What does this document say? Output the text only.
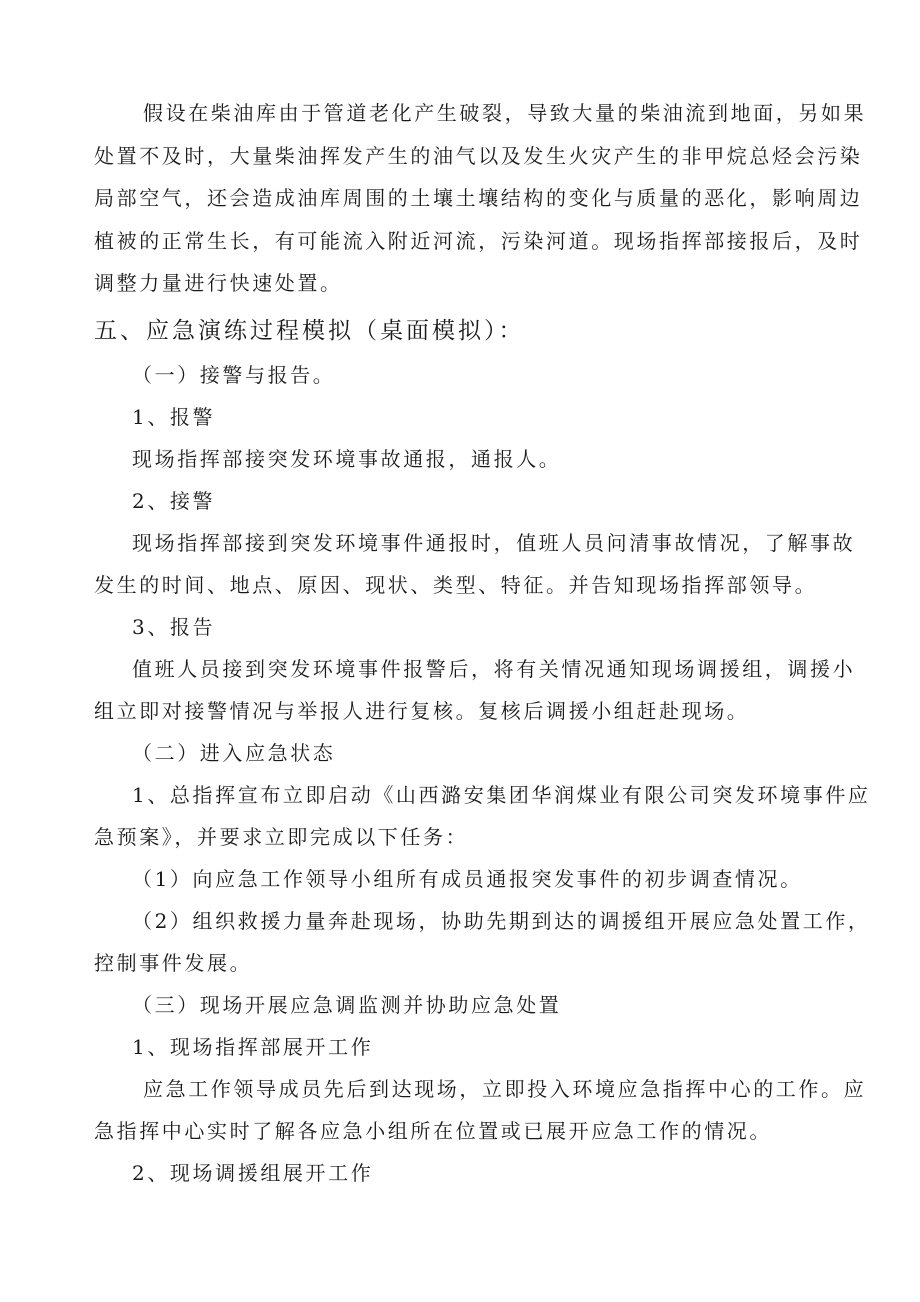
假设在柴油库由于管道老化产生破裂，导致大量的柴油流到地面，另如果
处置不及时，大量柴油挥发产生的油气以及发生火灾产生的非甲烷总烃会污染
局部空气，还会造成油库周围的土壤土壤结构的变化与质量的恶化，影响周边
植被的正常生长，有可能流入附近河流，污染河道。现场指挥部接报后，及时
调整力量进行快速处置。
五、应急演练过程模拟（桌面模拟）：
（一）接警与报告。
1、报警
现场指挥部接突发环境事故通报，通报人。
2、接警
现场指挥部接到突发环境事件通报时，值班人员问清事故情况，了解事故
发生的时间、地点、原因、现状、类型、特征。并告知现场指挥部领导。
3、报告
值班人员接到突发环境事件报警后，将有关情况通知现场调援组，调援小
组立即对接警情况与举报人进行复核。复核后调援小组赶赴现场。
（二）进入应急状态
1、总指挥宣布立即启动《山西潞安集团华润煤业有限公司突发环境事件应
急预案》，并要求立即完成以下任务：
（1）向应急工作领导小组所有成员通报突发事件的初步调查情况。
（2）组织救援力量奔赴现场，协助先期到达的调援组开展应急处置工作，
控制事件发展。
（三）现场开展应急调监测并协助应急处置
1、现场指挥部展开工作
应急工作领导成员先后到达现场，立即投入环境应急指挥中心的工作。应
急指挥中心实时了解各应急小组所在位置或已展开应急工作的情况。
2、现场调援组展开工作
